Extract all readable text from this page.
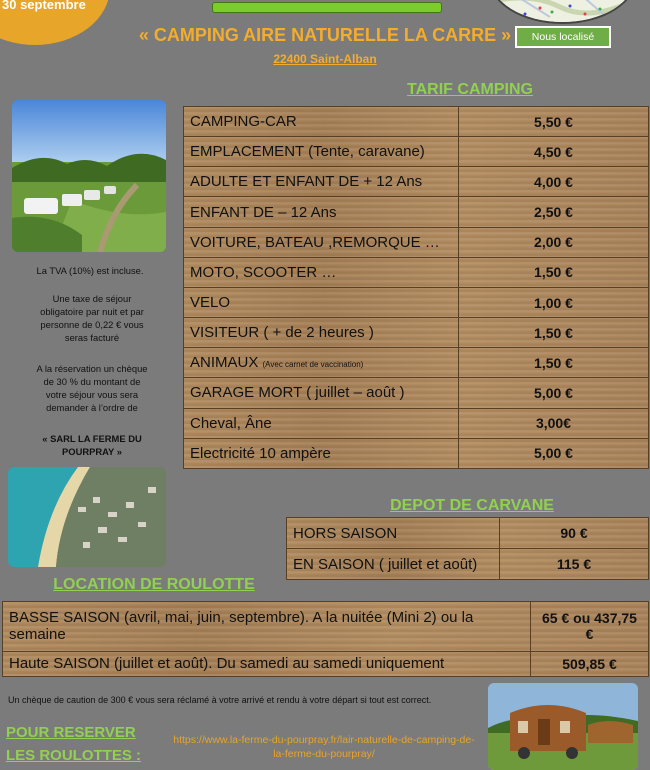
30 septembre
« CAMPING AIRE NATURELLE LA CARRE »
22400 Saint-Alban
Nous localisé
TARIF CAMPING
CAMPING-CAR	5,50 €
EMPLACEMENT (Tente, caravane)	4,50 €
ADULTE ET ENFANT DE + 12 Ans	4,00 €
ENFANT DE – 12 Ans	2,50 €
VOITURE, BATEAU ,REMORQUE …	2,00 €
MOTO, SCOOTER …	1,50 €
VELO	1,00 €
VISITEUR ( + de 2 heures )	1,50 €
ANIMAUX (Avec carnet de vaccination)	1,50 €
GARAGE MORT ( juillet – août )	5,00 €
Cheval, Âne	3,00€
Electricité 10 ampère	5,00 €
La TVA (10%) est incluse.
Une taxe de séjour obligatoire par nuit et par personne de 0,22 € vous seras facturé
A la réservation un chèque de 30 % du montant de votre séjour vous sera demander à l’ordre de
« SARL LA FERME DU POURPRAY »
DEPOT DE CARVANE
HORS SAISON	90 €
EN SAISON ( juillet et août)	115 €
LOCATION DE ROULOTTE
BASSE SAISON (avril, mai, juin, septembre). A la nuitée (Mini 2) ou la semaine	65 € ou 437,75 €
Haute SAISON (juillet et août). Du samedi au samedi uniquement	509,85 €
Un chèque de caution de 300 € vous sera réclamé à votre arrivé et rendu à votre départ si tout est correct.
POUR RESERVER
LES ROULOTTES :
https://www.la-ferme-du-pourpray.fr/lair-naturelle-de-camping-de-la-ferme-du-pourpray/
